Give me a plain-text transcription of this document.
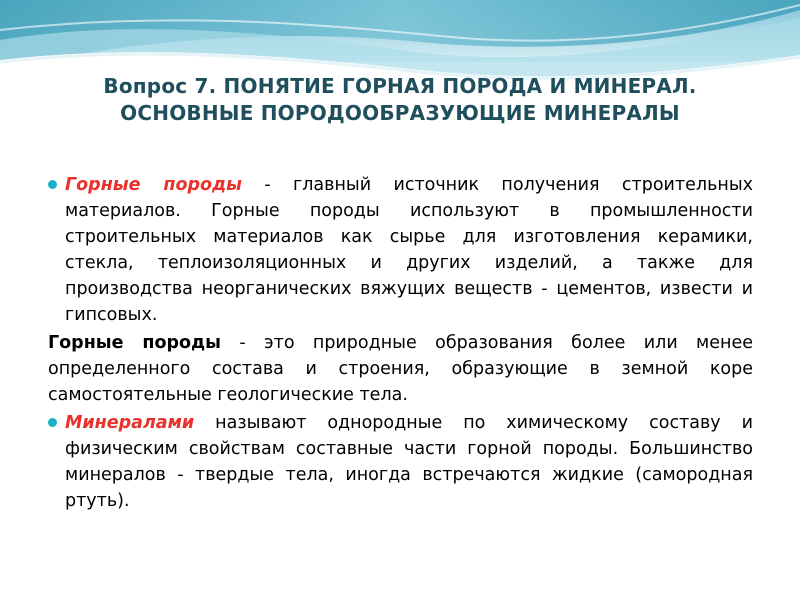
Вопрос 7. ПОНЯТИЕ ГОРНАЯ ПОРОДА И МИНЕРАЛ.
ОСНОВНЫЕ ПОРОДООБРАЗУЮЩИЕ МИНЕРАЛЫ

Горные породы - главный источник получения строительных материалов. Горные породы используют в промышленности строительных материалов как сырье для изготовления керамики, стекла, теплоизоляционных и других изделий, а также для производства неорганических вяжущих веществ - цементов, извести и гипсовых.

Горные породы - это природные образования более или менее определенного состава и строения, образующие в земной коре самостоятельные геологические тела.

Минералами называют однородные по химическому составу и физическим свойствам составные части горной породы. Большинство минералов - твердые тела, иногда встречаются жидкие (самородная ртуть).
